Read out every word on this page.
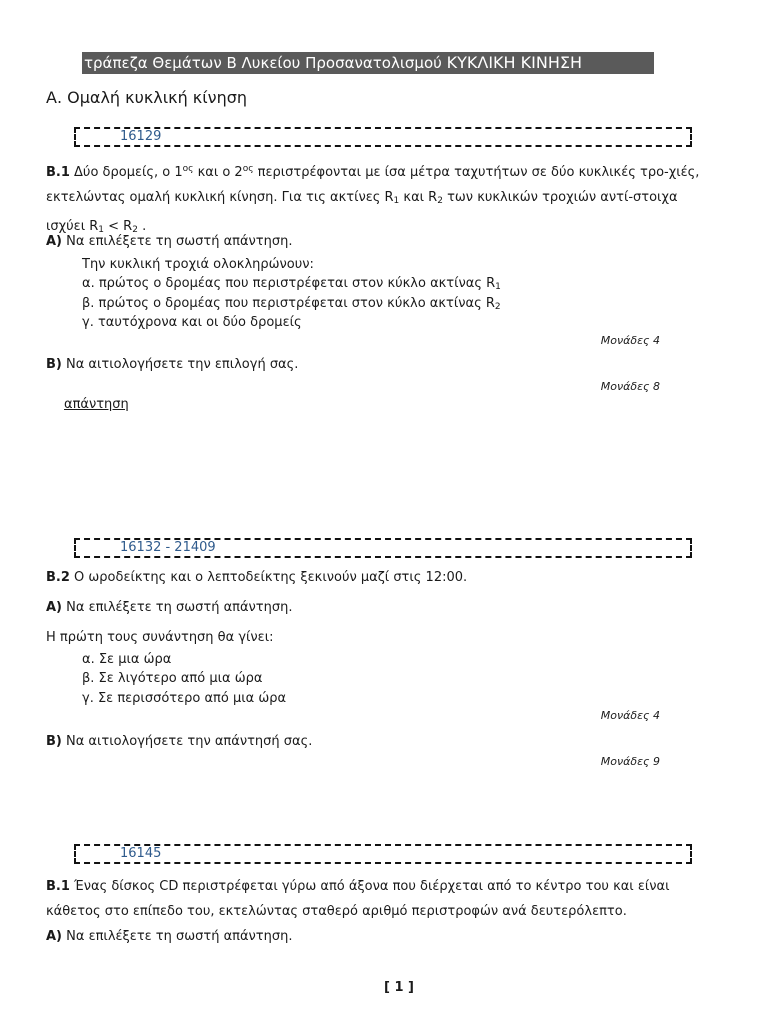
τράπεζα Θεμάτων Β Λυκείου Προσανατολισμού ΚΥΚΛΙΚΗ ΚΙΝΗΣΗ
Α. Ομαλή κυκλική κίνηση
16129
Β.1 Δύο δρομείς, ο $1^{o\varsigma}$ και ο $2^{o\varsigma}$ περιστρέφονται με ίσα μέτρα ταχυτήτων σε δύο κυκλικές τρο-χιές, εκτελώντας ομαλή κυκλική κίνηση. Για τις ακτίνες $R_1$ και $R_2$ των κυκλικών τροχιών αντί-στοιχα ισχύει $R_1 < R_2$ .
Α) Να επιλέξετε τη σωστή απάντηση.
Την κυκλική τροχιά ολοκληρώνουν:
α. πρώτος ο δρομέας που περιστρέφεται στον κύκλο ακτίνας $R_1$
β. πρώτος ο δρομέας που περιστρέφεται στον κύκλο ακτίνας $R_2$
γ. ταυτόχρονα και οι δύο δρομείς
Μονάδες 4
Β) Να αιτιολογήσετε την επιλογή σας.
Μονάδες 8
απάντηση
16132 - 21409
Β.2 Ο ωροδείκτης και ο λεπτοδείκτης ξεκινούν μαζί στις 12:00.
Α) Να επιλέξετε τη σωστή απάντηση.
Η πρώτη τους συνάντηση θα γίνει:
α. Σε μια ώρα
β. Σε λιγότερο από μια ώρα
γ. Σε περισσότερο από μια ώρα
Μονάδες 4
Β) Να αιτιολογήσετε την απάντησή σας.
Μονάδες 9
16145
Β.1 Ένας δίσκος CD περιστρέφεται γύρω από άξονα που διέρχεται από το κέντρο του και είναι κάθετος στο επίπεδο του, εκτελώντας σταθερό αριθμό περιστροφών ανά δευτερόλεπτο.
Α) Να επιλέξετε τη σωστή απάντηση.
[ 1 ]
